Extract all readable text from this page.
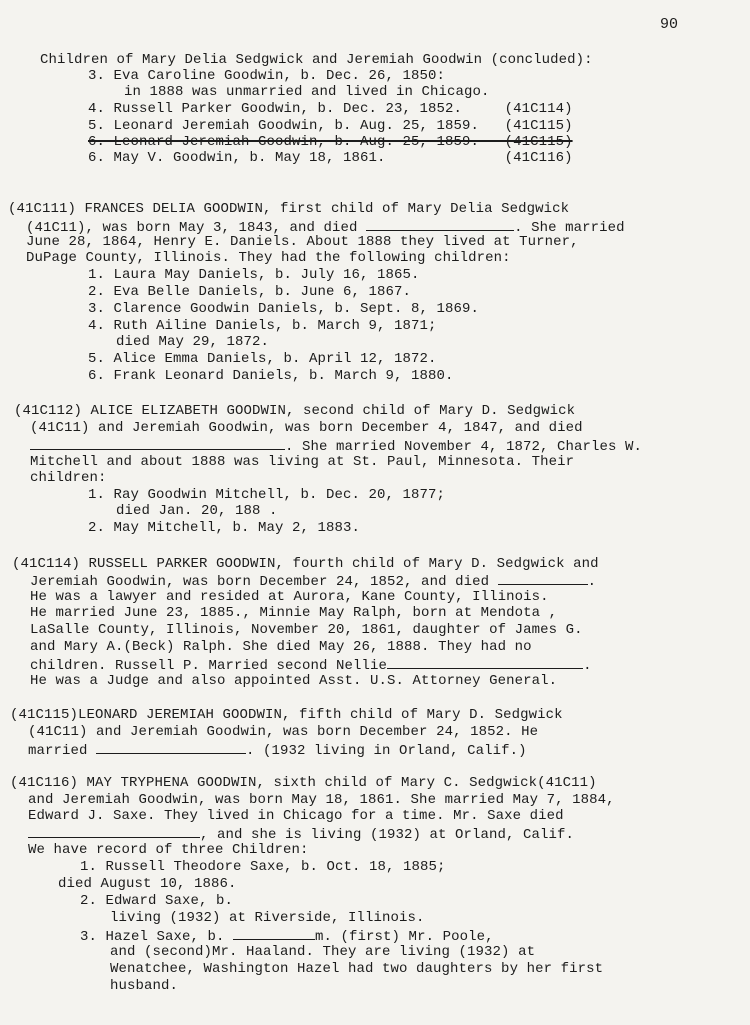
90
Children of Mary Delia Sedgwick and Jeremiah Goodwin (concluded):
3. Eva Caroline Goodwin, b. Dec. 26, 1850:
in 1888 was unmarried and lived in Chicago.
4. Russell Parker Goodwin, b. Dec. 23, 1852.     (41C114)
5. Leonard Jeremiah Goodwin, b. Aug. 25, 1859.   (41C115)
6. Leonard Jeremiah Goodwin, b. Aug. 25, 1859.   (41C115)
6. May V. Goodwin, b. May 18, 1861.              (41C116)
(41C111) FRANCES DELIA GOODWIN, first child of Mary Delia Sedgwick
(41C11), was born May 3, 1843, and died	. She married
June 28, 1864, Henry E. Daniels. About 1888 they lived at Turner,
DuPage County, Illinois. They had the following children:
1. Laura May Daniels, b. July 16, 1865.
2. Eva Belle Daniels, b. June 6, 1867.
3. Clarence Goodwin Daniels, b. Sept. 8, 1869.
4. Ruth Ailine Daniels, b. March 9, 1871;
died May 29, 1872.
5. Alice Emma Daniels, b. April 12, 1872.
6. Frank Leonard Daniels, b. March 9, 1880.
(41C112) ALICE ELIZABETH GOODWIN, second child of Mary D. Sedgwick
(41C11) and Jeremiah Goodwin, was born December 4, 1847, and died
. She married November 4, 1872, Charles W.
Mitchell and about 1888 was living at St. Paul, Minnesota. Their
children:
1. Ray Goodwin Mitchell, b. Dec. 20, 1877;
died Jan. 20, 188 .
2. May Mitchell, b. May 2, 1883.
(41C114) RUSSELL PARKER GOODWIN, fourth child of Mary D. Sedgwick and
Jeremiah Goodwin, was born December 24, 1852, and died	.
He was a lawyer and resided at Aurora, Kane County, Illinois.
He married June 23, 1885., Minnie May Ralph, born at Mendota ,
LaSalle County, Illinois, November 20, 1861, daughter of James G.
and Mary A.(Beck) Ralph. She died May 26, 1888. They had no
children. Russell P. Married second Nellie	.
He was a Judge and also appointed Asst. U.S. Attorney General.
(41C115)LEONARD JEREMIAH GOODWIN, fifth child of Mary D. Sedgwick
(41C11) and Jeremiah Goodwin, was born December 24, 1852. He
married	. (1932 living in Orland, Calif.)
(41C116) MAY TRYPHENA GOODWIN, sixth child of Mary C. Sedgwick(41C11)
and Jeremiah Goodwin, was born May 18, 1861. She married May 7, 1884,
Edward J. Saxe. They lived in Chicago for a time. Mr. Saxe died
, and she is living (1932) at Orland, Calif.
We have record of three Children:
1. Russell Theodore Saxe, b. Oct. 18, 1885;
died August 10, 1886.
2. Edward Saxe, b.
living (1932) at Riverside, Illinois.
3. Hazel Saxe, b.	m. (first) Mr. Poole,
and (second)Mr. Haaland. They are living (1932) at
Wenatchee, Washington Hazel had two daughters by her first
husband.
